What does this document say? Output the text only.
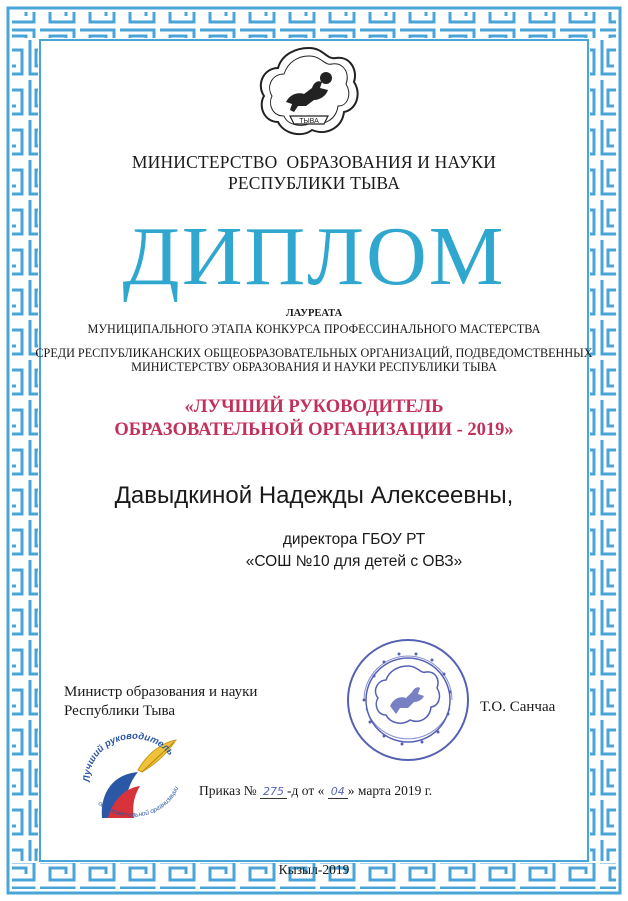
ТЫВА
МИНИСТЕРСТВО  ОБРАЗОВАНИЯ И НАУКИ
РЕСПУБЛИКИ ТЫВА
ДИПЛОМ
ЛАУРЕАТА
МУНИЦИПАЛЬНОГО ЭТАПА КОНКУРСА ПРОФЕССИНАЛЬНОГО МАСТЕРСТВА
СРЕДИ РЕСПУБЛИКАНСКИХ ОБЩЕОБРАЗОВАТЕЛЬНЫХ ОРГАНИЗАЦИЙ, ПОДВЕДОМСТВЕННЫХ
МИНИСТЕРСТВУ ОБРАЗОВАНИЯ И НАУКИ РЕСПУБЛИКИ ТЫВА
«ЛУЧШИЙ РУКОВОДИТЕЛЬ
ОБРАЗОВАТЕЛЬНОЙ ОРГАНИЗАЦИИ - 2019»
Давыдкиной Надежды Алексеевны,
директора ГБОУ РТ
«СОШ №10 для детей с ОВЗ»
Министр образования и науки
Республики Тыва	Т.О. Санчаа
Лучший руководитель
образовательной организации Приказ № 275 -д от « 04 » марта 2019 г.
Кызыл-2019
